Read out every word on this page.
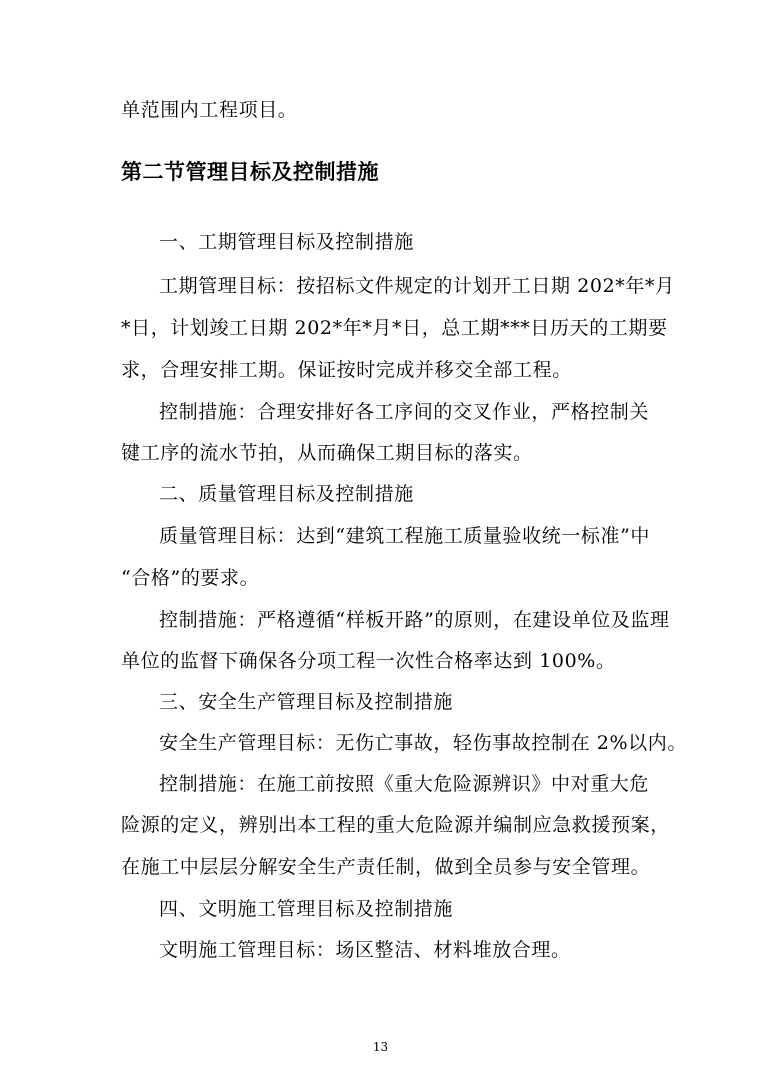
单范围内工程项目。
第二节管理目标及控制措施
一、工期管理目标及控制措施
工期管理目标：按招标文件规定的计划开工日期 202*年*月
*日，计划竣工日期 202*年*月*日，总工期***日历天的工期要
求，合理安排工期。保证按时完成并移交全部工程。
控制措施：合理安排好各工序间的交叉作业，严格控制关
键工序的流水节拍，从而确保工期目标的落实。
二、质量管理目标及控制措施
质量管理目标：达到“建筑工程施工质量验收统一标准”中
“合格”的要求。
控制措施：严格遵循“样板开路”的原则，在建设单位及监理
单位的监督下确保各分项工程一次性合格率达到 100%。
三、安全生产管理目标及控制措施
安全生产管理目标：无伤亡事故，轻伤事故控制在 2%以内。
控制措施：在施工前按照《重大危险源辨识》中对重大危
险源的定义，辨别出本工程的重大危险源并编制应急救援预案，
在施工中层层分解安全生产责任制，做到全员参与安全管理。
四、文明施工管理目标及控制措施
文明施工管理目标：场区整洁、材料堆放合理。
13
